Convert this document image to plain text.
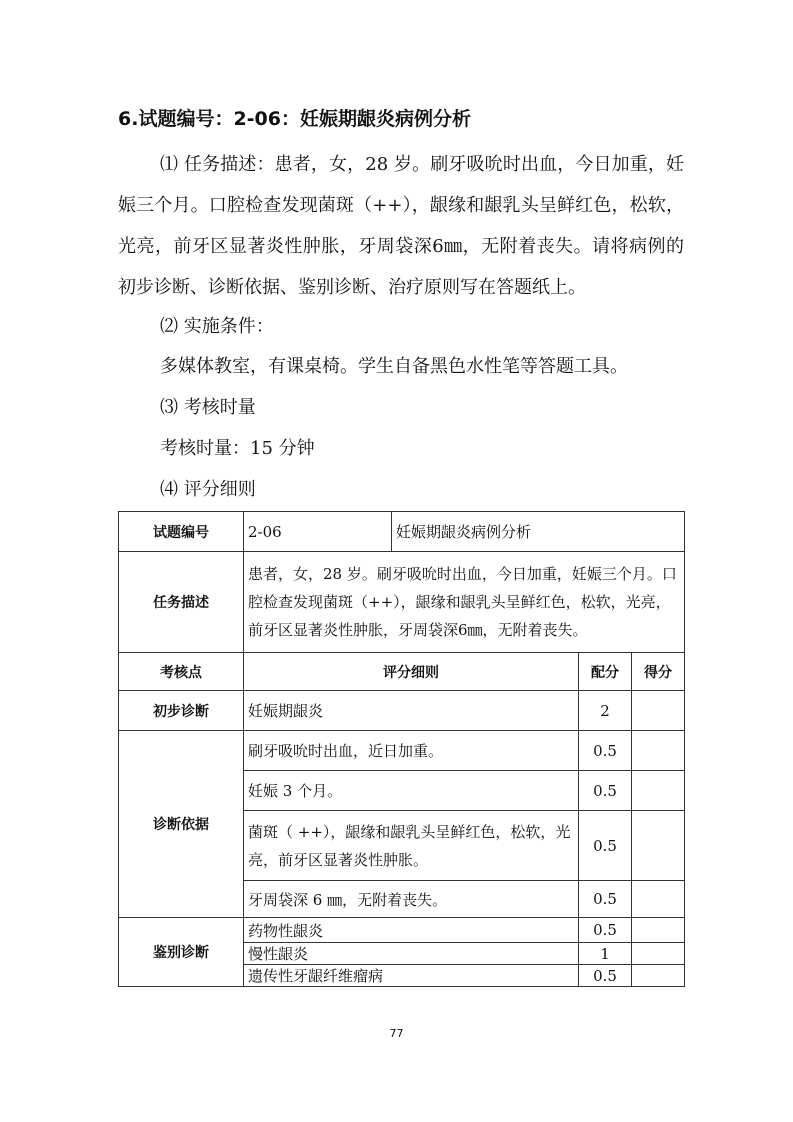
6.试题编号：2-06：妊娠期龈炎病例分析
⑴ 任务描述：患者，女，28 岁。刷牙吸吮时出血，今日加重，妊娠三个月。口腔检查发现菌斑（++），龈缘和龈乳头呈鲜红色，松软，光亮，前牙区显著炎性肿胀，牙周袋深6㎜，无附着丧失。请将病例的初步诊断、诊断依据、鉴别诊断、治疗原则写在答题纸上。
⑵ 实施条件：
多媒体教室，有课桌椅。学生自备黑色水性笔等答题工具。
⑶ 考核时量
考核时量：15 分钟
⑷ 评分细则
试题编号	2-06	妊娠期龈炎病例分析		
任务描述	患者，女，28 岁。刷牙吸吮时出血，今日加重，妊娠三个月。口腔检查发现菌斑（++），龈缘和龈乳头呈鲜红色，松软，光亮，前牙区显著炎性肿胀，牙周袋深6㎜，无附着丧失。			
考核点	评分细则		配分	得分
初步诊断	妊娠期龈炎		2	
诊断依据	刷牙吸吮时出血，近日加重。		0.5	
	妊娠 3 个月。		0.5	
	菌斑（ ++），龈缘和龈乳头呈鲜红色，松软，光亮，前牙区显著炎性肿胀。		0.5	
	牙周袋深 6 ㎜，无附着丧失。		0.5	
鉴别诊断	药物性龈炎		0.5	
	慢性龈炎		1	
	遗传性牙龈纤维瘤病		0.5	
77
